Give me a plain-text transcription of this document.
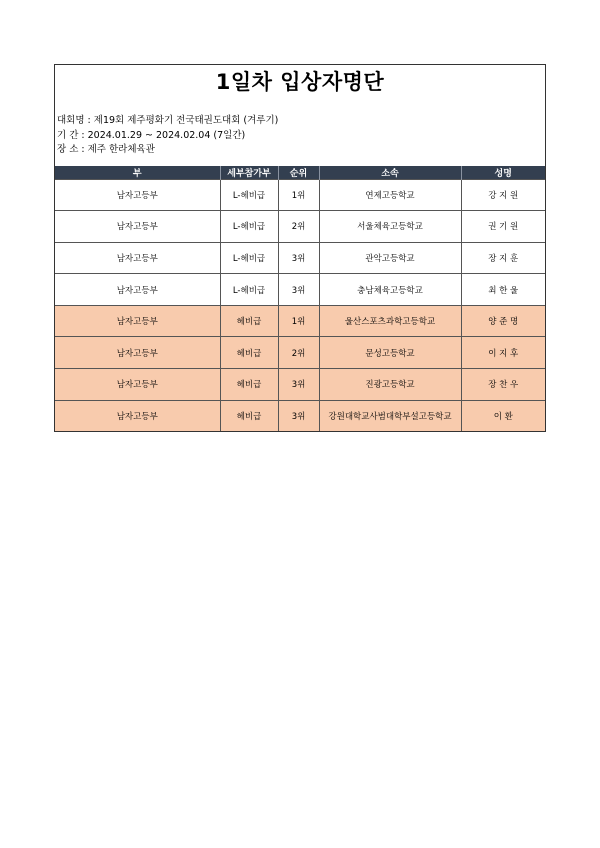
1일차 입상자명단
대회명 : 제19회 제주평화기 전국태권도대회 (겨루기)
기 간 : 2024.01.29 ~ 2024.02.04 (7일간)
장 소 : 제주 한라체육관
부	세부참가부	순위	소속	성명
남자고등부	L-헤비급	1위	연제고등학교	강 지 원
남자고등부	L-헤비급	2위	서울체육고등학교	권 기 원
남자고등부	L-헤비급	3위	관악고등학교	장 지 훈
남자고등부	L-헤비급	3위	충남체육고등학교	최 한 울
남자고등부	헤비급	1위	울산스포츠과학고등학교	양 준 명
남자고등부	헤비급	2위	문성고등학교	이 지 후
남자고등부	헤비급	3위	진광고등학교	장 찬 우
남자고등부	헤비급	3위	강원대학교사범대학부설고등학교	이 환
